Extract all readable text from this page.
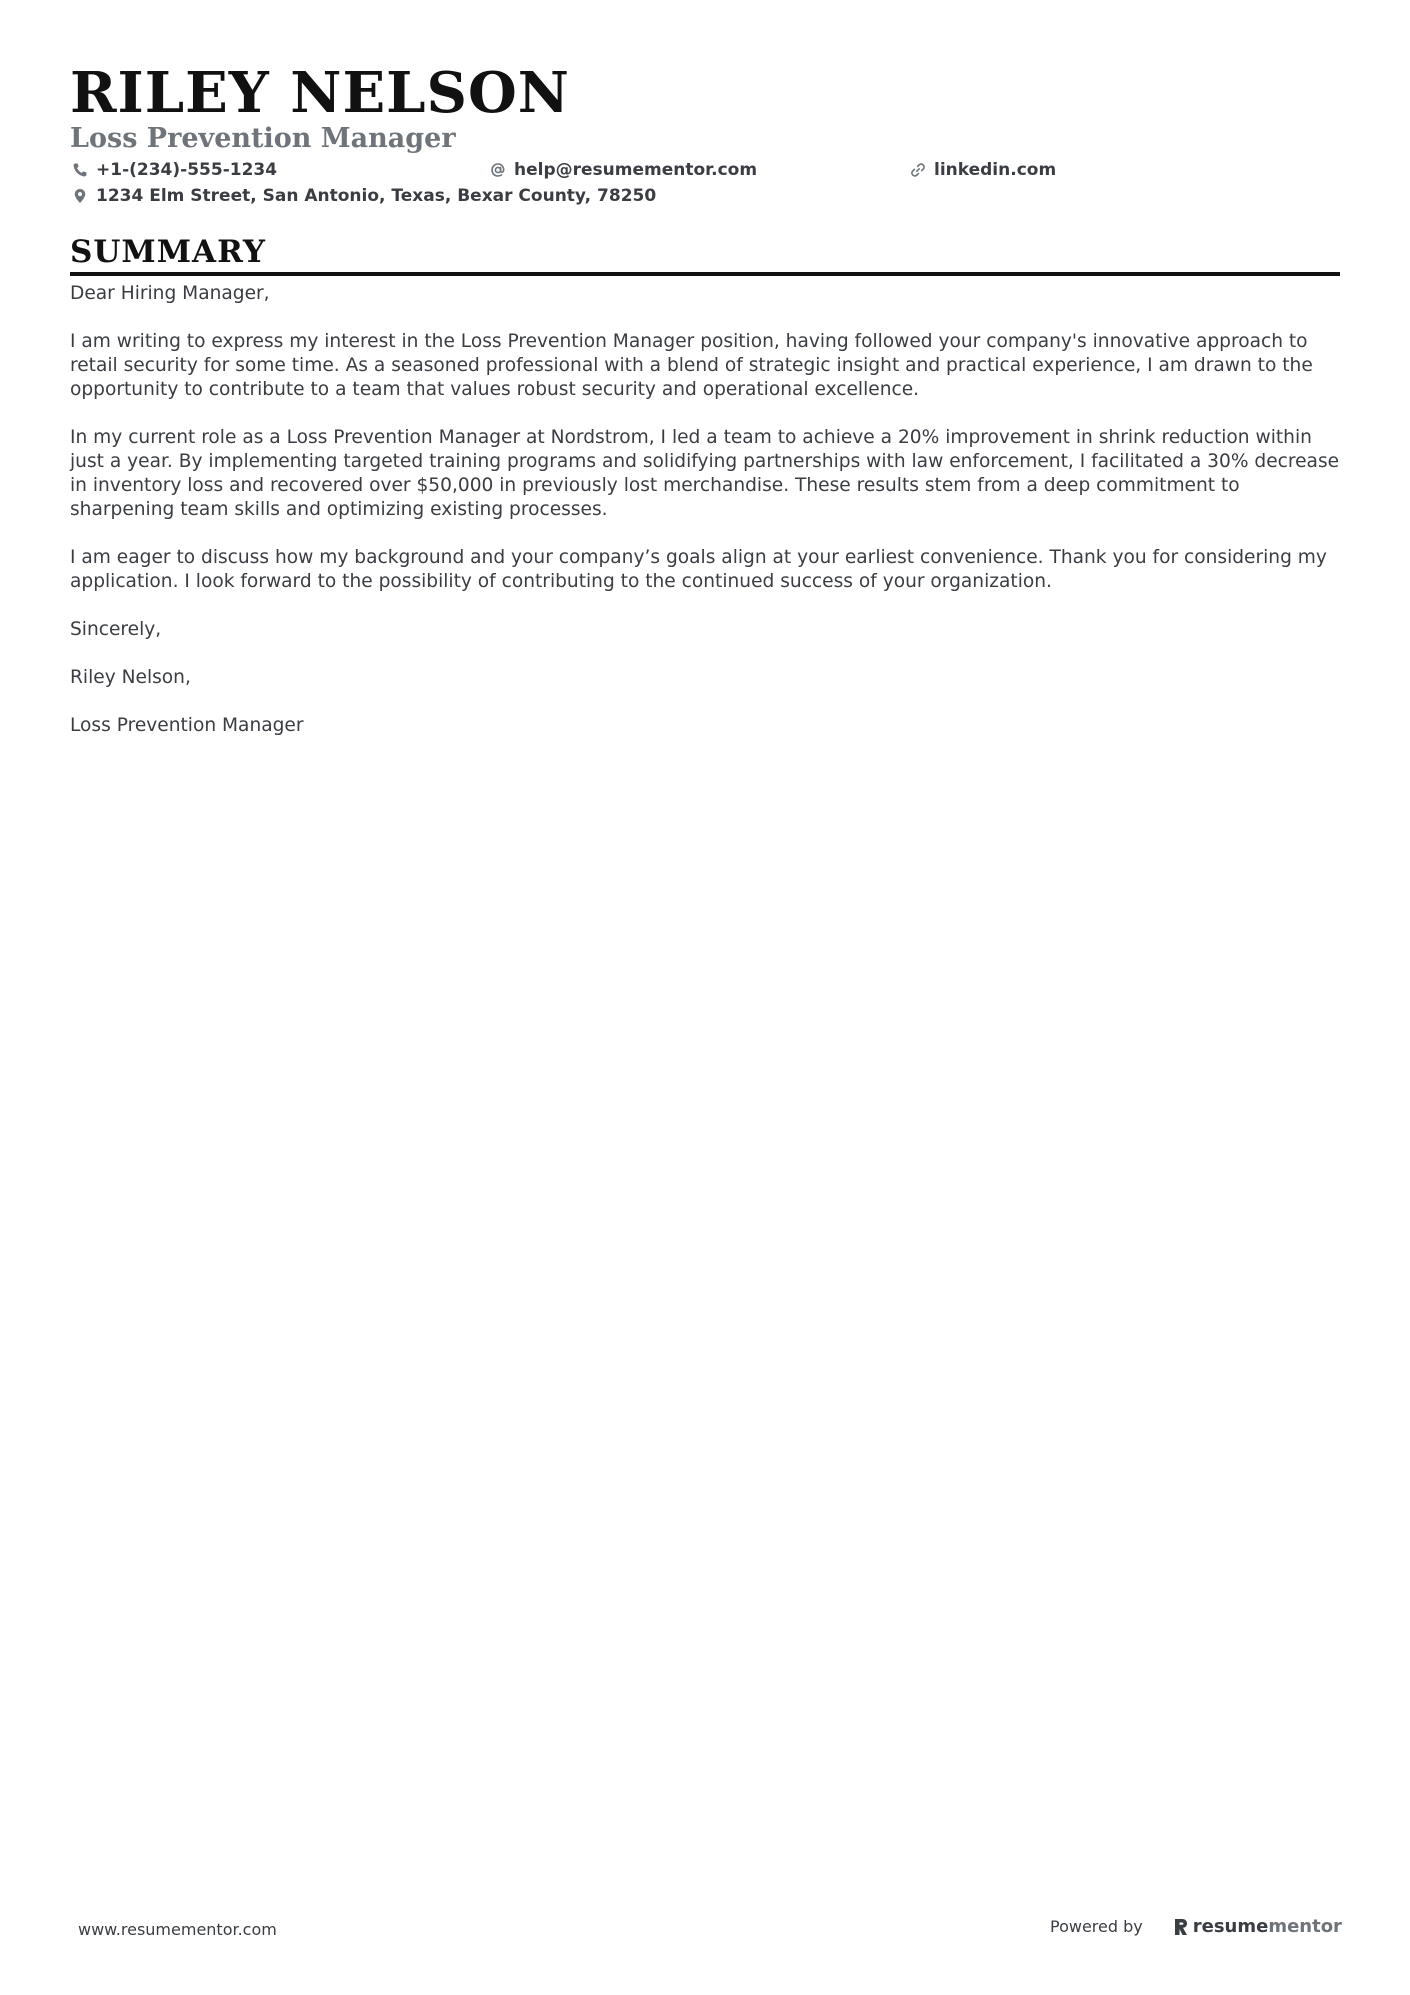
RILEY NELSON
Loss Prevention Manager
+1-(234)-555-1234	help@resumementor.com	linkedin.com
1234 Elm Street, San Antonio, Texas, Bexar County, 78250
SUMMARY

Dear Hiring Manager,

I am writing to express my interest in the Loss Prevention Manager position, having followed your company's innovative approach to retail security for some time. As a seasoned professional with a blend of strategic insight and practical experience, I am drawn to the opportunity to contribute to a team that values robust security and operational excellence.

In my current role as a Loss Prevention Manager at Nordstrom, I led a team to achieve a 20% improvement in shrink reduction within just a year. By implementing targeted training programs and solidifying partnerships with law enforcement, I facilitated a 30% decrease in inventory loss and recovered over $50,000 in previously lost merchandise. These results stem from a deep commitment to sharpening team skills and optimizing existing processes.

I am eager to discuss how my background and your company’s goals align at your earliest convenience. Thank you for considering my application. I look forward to the possibility of contributing to the continued success of your organization.

Sincerely,

Riley Nelson,

Loss Prevention Manager

www.resumementor.com	Powered by	resume mentor
